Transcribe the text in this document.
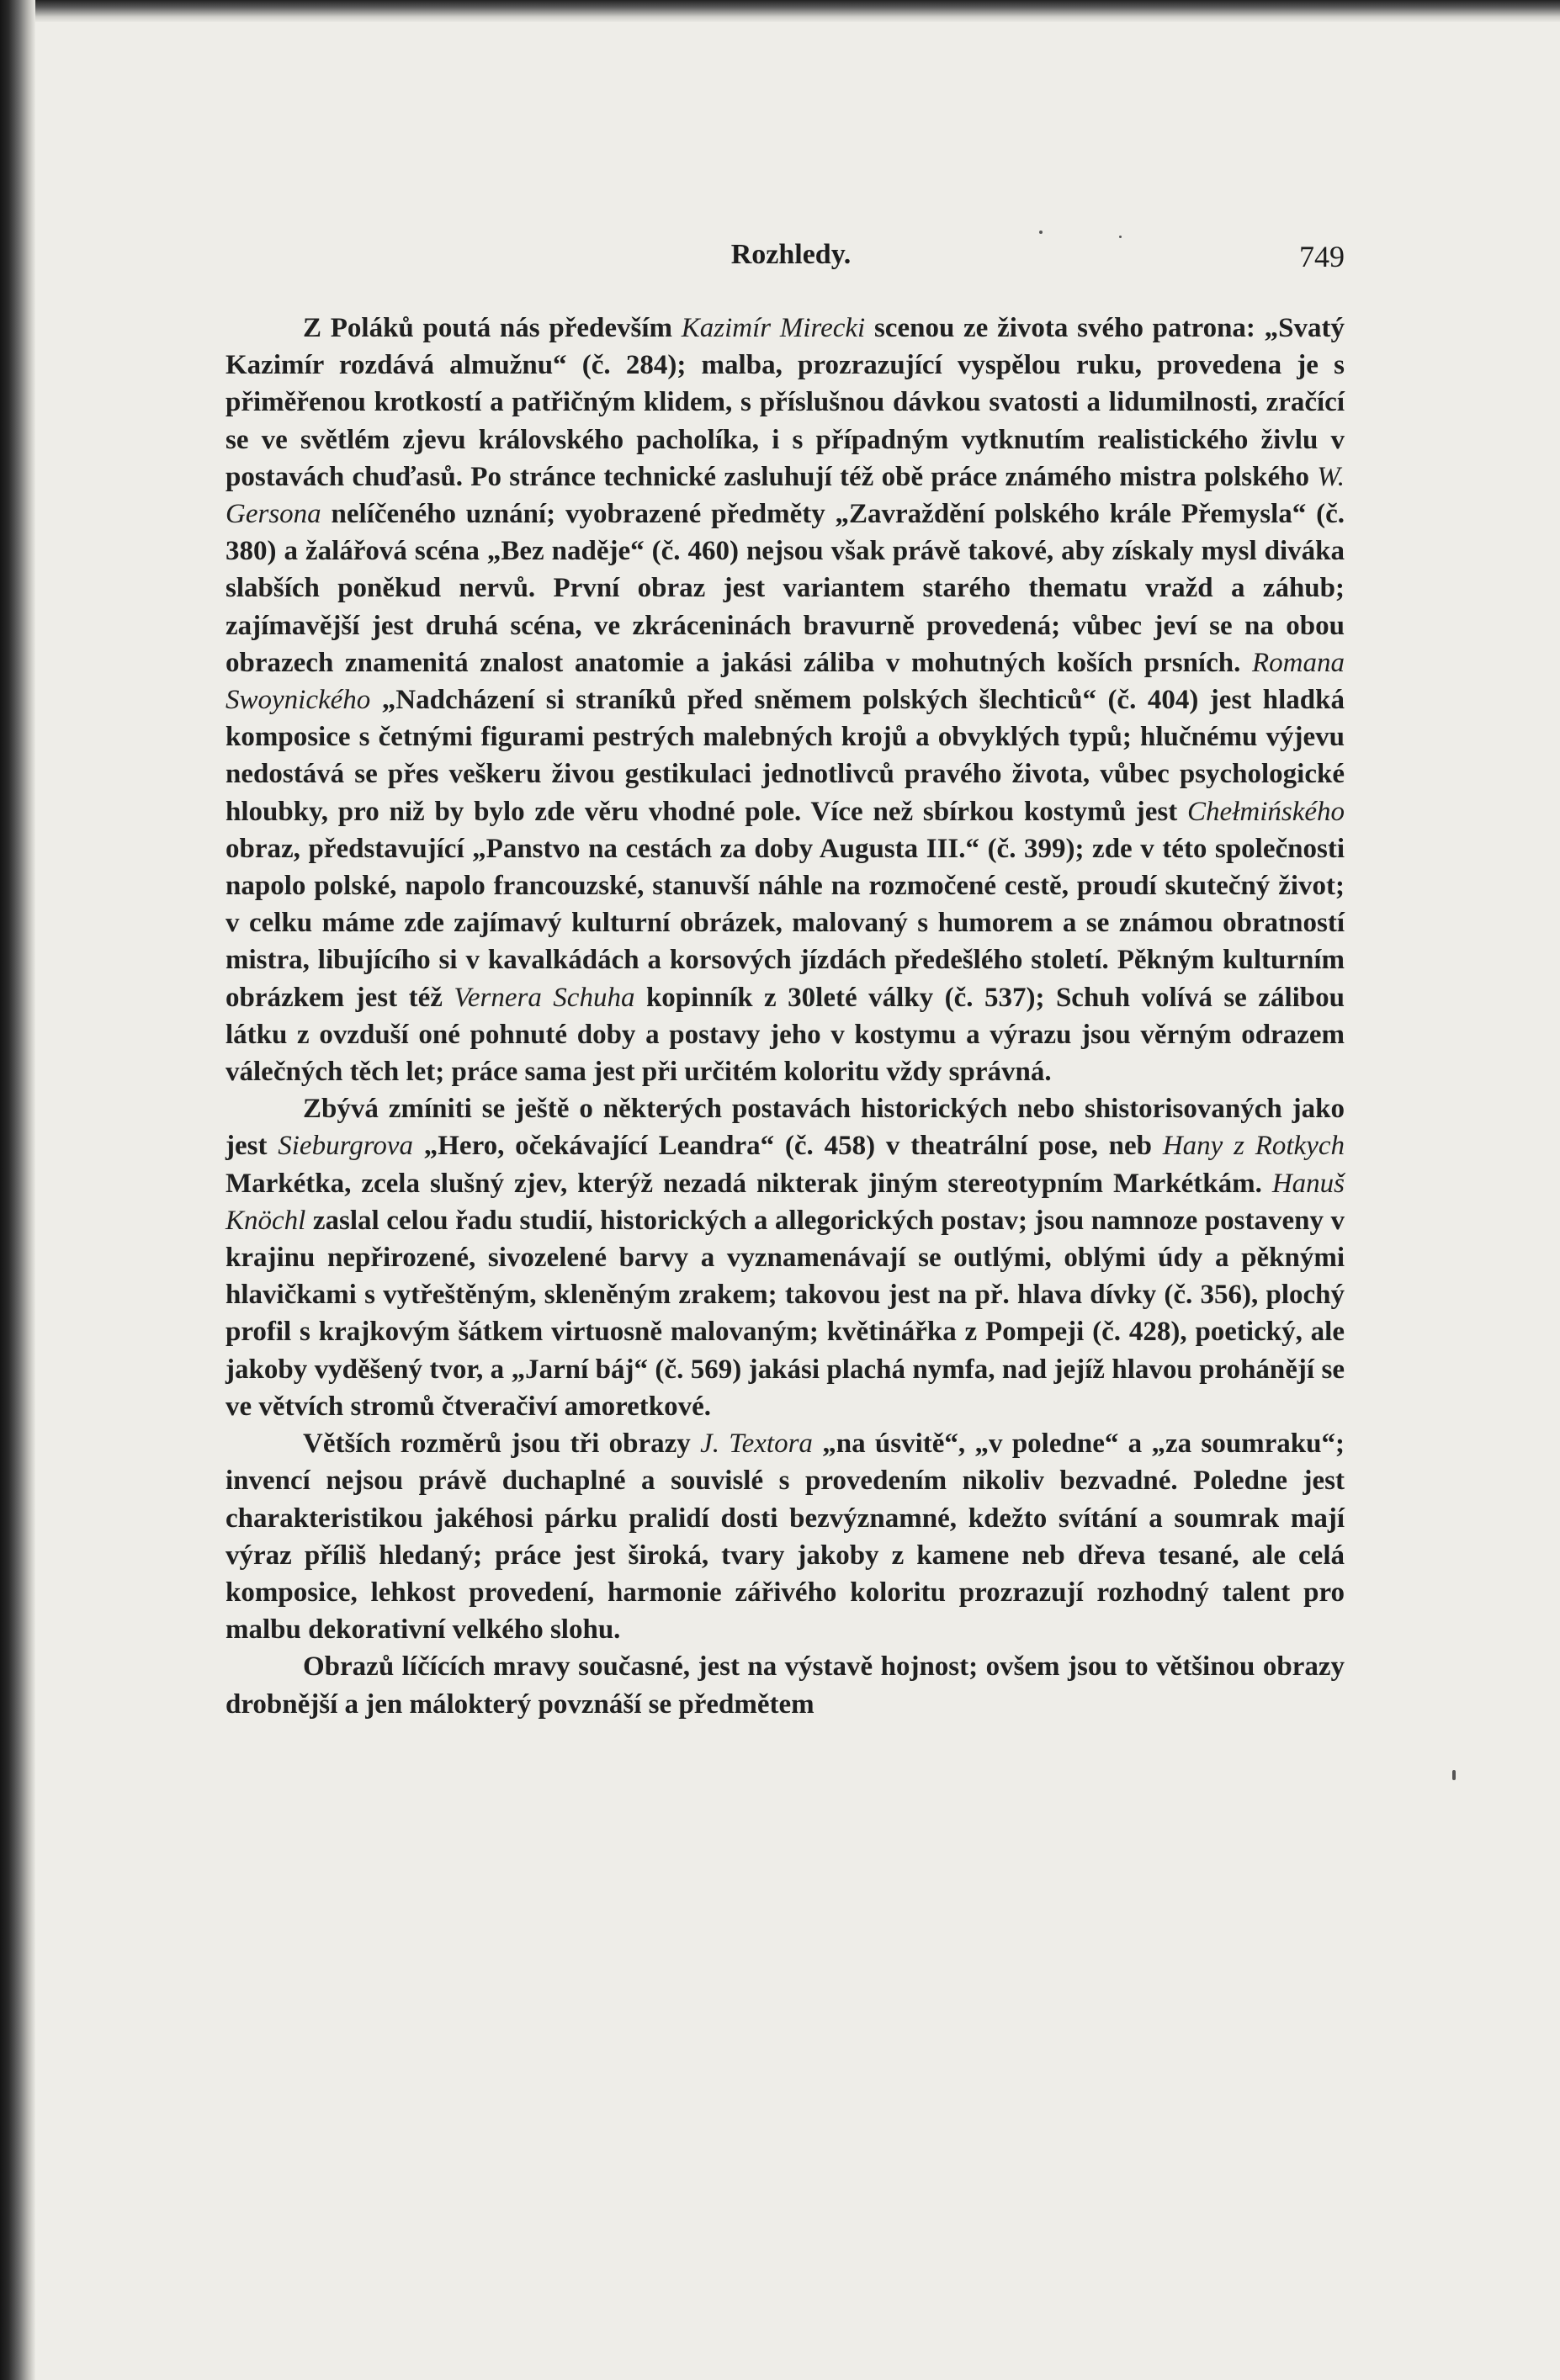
Rozhledy.	749

Z Poláků poutá nás především Kazimír Mirecki scenou ze života svého patrona: „Svatý Kazimír rozdává almužnu“ (č. 284); malba, prozrazující vyspělou ruku, provedena je s přiměřenou krotkostí a patřičným klidem, s příslušnou dávkou svatosti a lidumilnosti, zračící se ve světlém zjevu královského pacholíka, i s případným vytknutím realistického živlu v postavách chuďasů. Po stránce technické zasluhují též obě práce známého mistra polského W. Gersona nelíčeného uznání; vyobrazené předměty „Zavraždění polského krále Přemysla“ (č. 380) a žalářová scéna „Bez naděje“ (č. 460) nejsou však právě takové, aby získaly mysl diváka slabších poněkud nervů. První obraz jest variantem starého thematu vražd a záhub; zajímavější jest druhá scéna, ve zkráceninách bravurně provedená; vůbec jeví se na obou obrazech znamenitá znalost anatomie a jakási záliba v mohutných koších prsních. Romana Swoynického „Nadcházení si straníků před sněmem polských šlechticů“ (č. 404) jest hladká komposice s četnými figurami pestrých malebných krojů a obvyklých typů; hlučnému výjevu nedostává se přes veškeru živou gestikulaci jednotlivců pravého života, vůbec psychologické hloubky, pro niž by bylo zde věru vhodné pole. Více než sbírkou kostymů jest Chełmińského obraz, představující „Panstvo na cestách za doby Augusta III.“ (č. 399); zde v této společnosti napolo polské, napolo francouzské, stanuvší náhle na rozmočené cestě, proudí skutečný život; v celku máme zde zajímavý kulturní obrázek, malovaný s humorem a se známou obratností mistra, libujícího si v kavalkádách a korsových jízdách předešlého století. Pěkným kulturním obrázkem jest též Vernera Schuha kopinník z 30leté války (č. 537); Schuh volívá se zálibou látku z ovzduší oné pohnuté doby a postavy jeho v kostymu a výrazu jsou věrným odrazem válečných těch let; práce sama jest při určitém koloritu vždy správná.

Zbývá zmíniti se ještě o některých postavách historických nebo shistorisovaných jako jest Sieburgrova „Hero, očekávající Leandra“ (č. 458) v theatrální pose, neb Hany z Rotkych Markétka, zcela slušný zjev, kterýž nezadá nikterak jiným stereotypním Markétkám. Hanuš Knöchl zaslal celou řadu studií, historických a allegorických postav; jsou namnoze postaveny v krajinu nepřirozené, sivozelené barvy a vyznamenávají se outlými, oblými údy a pěknými hlavičkami s vytřeštěným, skleněným zrakem; takovou jest na př. hlava dívky (č. 356), plochý profil s krajkovým šátkem virtuosně malovaným; květinářka z Pompeji (č. 428), poetický, ale jakoby vyděšený tvor, a „Jarní báj“ (č. 569) jakási plachá nymfa, nad jejíž hlavou prohánějí se ve větvích stromů čtveračiví amoretkové.

Větších rozměrů jsou tři obrazy J. Textora „na úsvitě“, „v poledne“ a „za soumraku“; invencí nejsou právě duchaplné a souvislé s provedením nikoliv bezvadné. Poledne jest charakteristikou jakéhosi párku pralidí dosti bezvýznamné, kdežto svítání a soumrak mají výraz příliš hledaný; práce jest široká, tvary jakoby z kamene neb dřeva tesané, ale celá komposice, lehkost provedení, harmonie zářivého koloritu prozrazují rozhodný talent pro malbu dekorativní velkého slohu.

Obrazů líčících mravy současné, jest na výstavě hojnost; ovšem jsou to většinou obrazy drobnější a jen málokterý povznáší se předmětem
